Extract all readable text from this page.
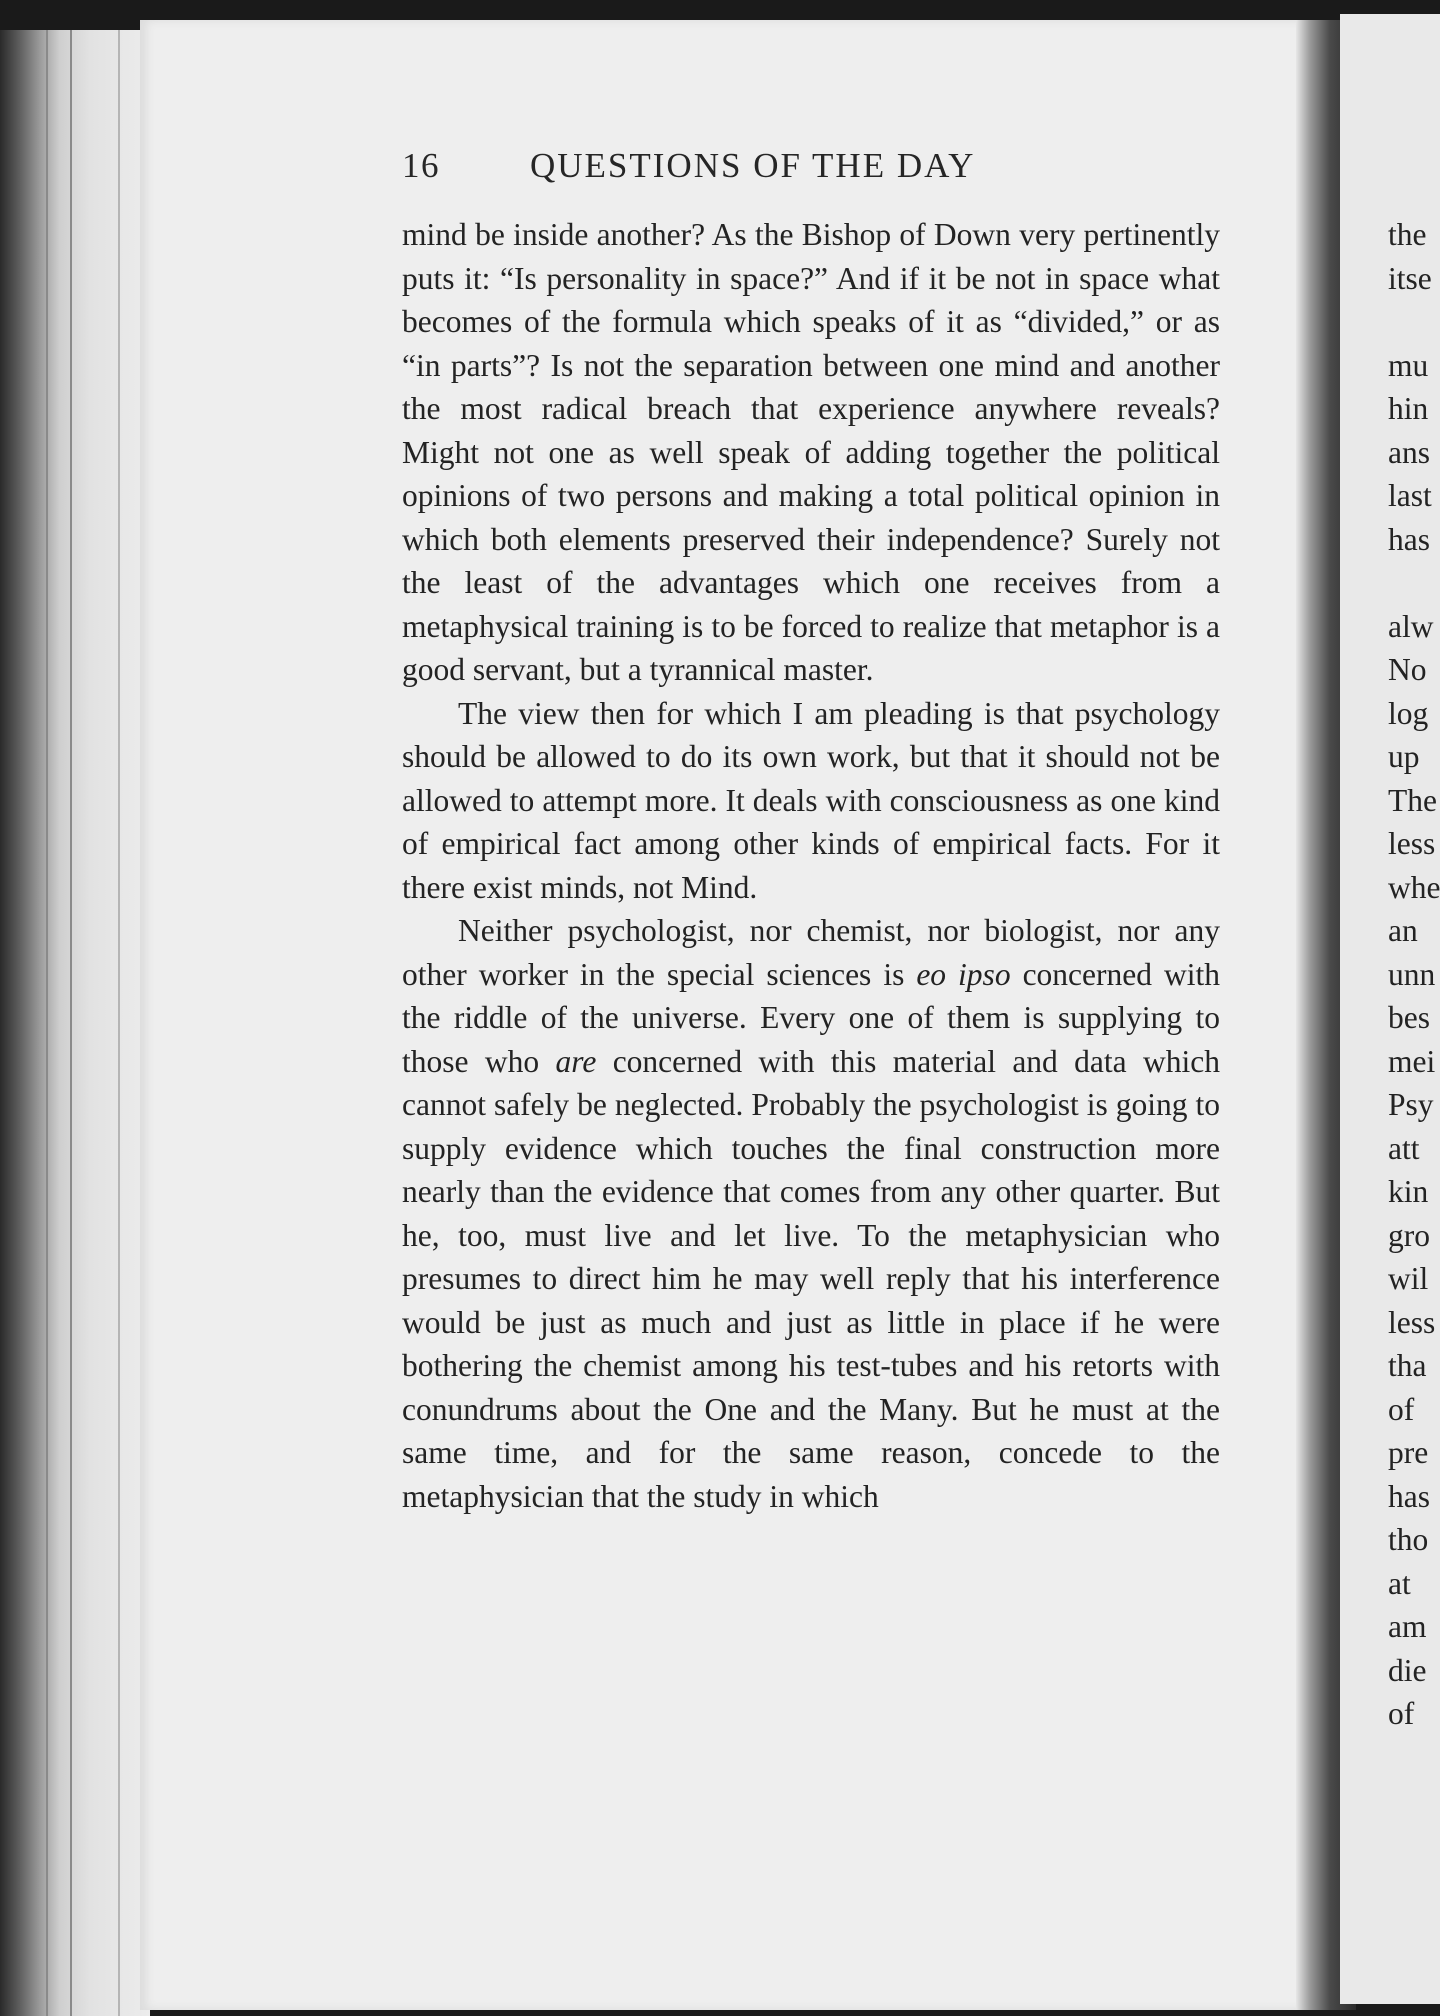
16	QUESTIONS OF THE DAY

mind be inside another? As the Bishop of Down very pertinently puts it: “Is personality in space?” And if it be not in space what becomes of the formula which speaks of it as “divided,” or as “in parts”? Is not the separation between one mind and another the most radical breach that experience anywhere reveals? Might not one as well speak of adding together the political opinions of two persons and making a total political opinion in which both elements preserved their independence? Surely not the least of the advantages which one receives from a metaphysical training is to be forced to realize that metaphor is a good servant, but a tyrannical master.

The view then for which I am pleading is that psychology should be allowed to do its own work, but that it should not be allowed to attempt more. It deals with consciousness as one kind of empirical fact among other kinds of empirical facts. For it there exist minds, not Mind.

Neither psychologist, nor chemist, nor biologist, nor any other worker in the special sciences is eo ipso concerned with the riddle of the universe. Every one of them is supplying to those who are concerned with this material and data which cannot safely be neglected. Probably the psychologist is going to supply evidence which touches the final construction more nearly than the evidence that comes from any other quarter. But he, too, must live and let live. To the metaphysician who presumes to direct him he may well reply that his interference would be just as much and just as little in place if he were bothering the chemist among his test-tubes and his retorts with conundrums about the One and the Many. But he must at the same time, and for the same reason, concede to the metaphysician that the study in which

the
itse
mu
hin
ans
last
has
alw
No
log
up
The
less
whe
an
unn
bes
mei
Psy
att
kin
gro
wil
less
tha
of
pre
has
tho
at
am
die
of
